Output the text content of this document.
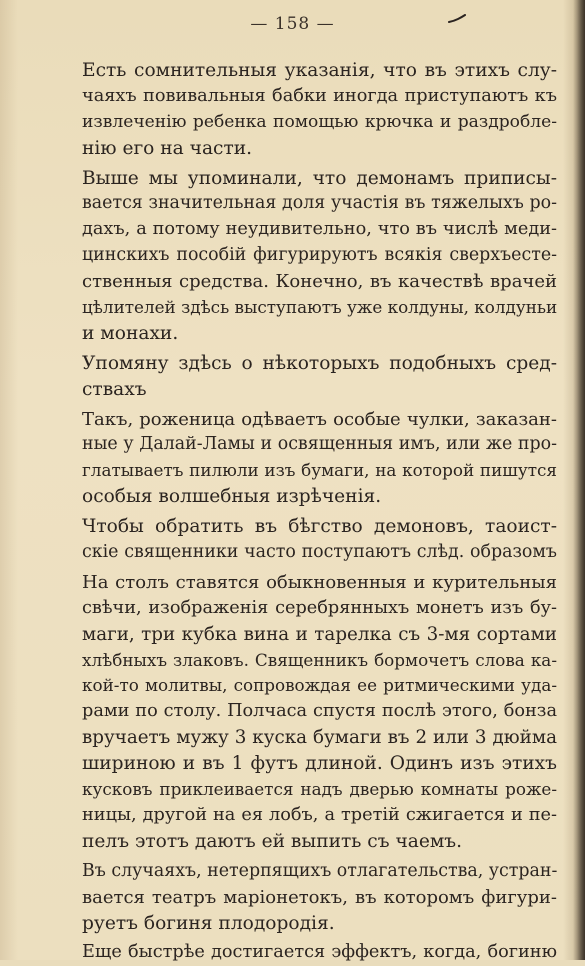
— 158 —

Есть сомнительныя указанія, что въ этихъ слу-
чаяхъ повивальныя бабки иногда приступаютъ къ
извлеченію ребенка помощью крючка и раздробле-
нію его на части.

Выше мы упоминали, что демонамъ приписы-
вается значительная доля участія въ тяжелыхъ ро-
дахъ, а потому неудивительно, что въ числѣ меди-
цинскихъ пособій фигурируютъ всякія сверхъесте-
ственныя средства. Конечно, въ качествѣ врачей
цѣлителей здѣсь выступаютъ уже колдуны, колдуньи
и монахи.

Упомяну здѣсь о нѣкоторыхъ подобныхъ сред-
ствахъ

Такъ, роженица одѣваетъ особые чулки, заказан-
ные у Далай-Ламы и освященныя имъ, или же про-
глатываетъ пилюли изъ бумаги, на которой пишутся
особыя волшебныя изрѣченія.

Чтобы обратить въ бѣгство демоновъ, таоист-
скіе священники часто поступаютъ слѣд. образомъ

На столъ ставятся обыкновенныя и курительныя
свѣчи, изображенія серебрянныхъ монетъ изъ бу-
маги, три кубка вина и тарелка съ 3-мя сортами
хлѣбныхъ злаковъ. Священникъ бормочетъ слова ка-
кой-то молитвы, сопровождая ее ритмическими уда-
рами по столу. Полчаса спустя послѣ этого, бонза
вручаетъ мужу 3 куска бумаги въ 2 или 3 дюйма
шириною и въ 1 футъ длиной. Одинъ изъ этихъ
кусковъ приклеивается надъ дверью комнаты роже-
ницы, другой на ея лобъ, а третій сжигается и пе-
пелъ этотъ даютъ ей выпить съ чаемъ.

Въ случаяхъ, нетерпящихъ отлагательства, устран-
вается театръ маріонетокъ, въ которомъ фигури-
руетъ богиня плодородія.

Еще быстрѣе достигается эффектъ, когда, богиню
